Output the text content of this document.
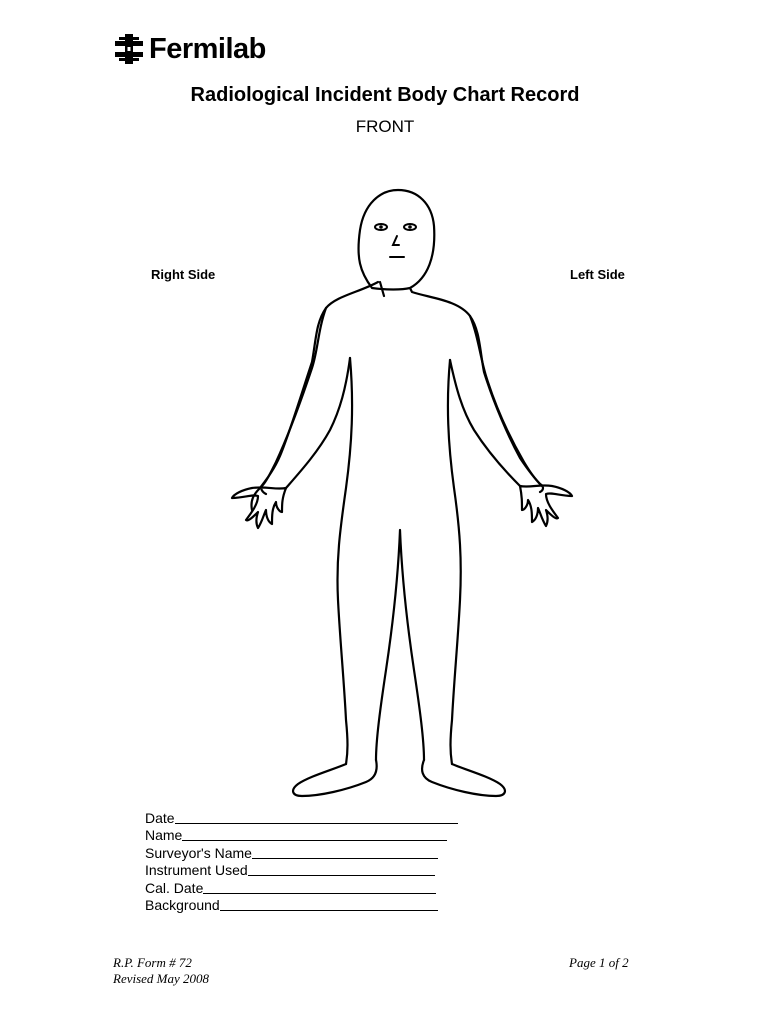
Fermilab
Radiological Incident Body Chart Record
FRONT
Right Side	Left Side
Date
Name
Surveyor's Name
Instrument Used
Cal. Date
Background
R.P. Form # 72
Revised May 2008
Page 1 of 2
